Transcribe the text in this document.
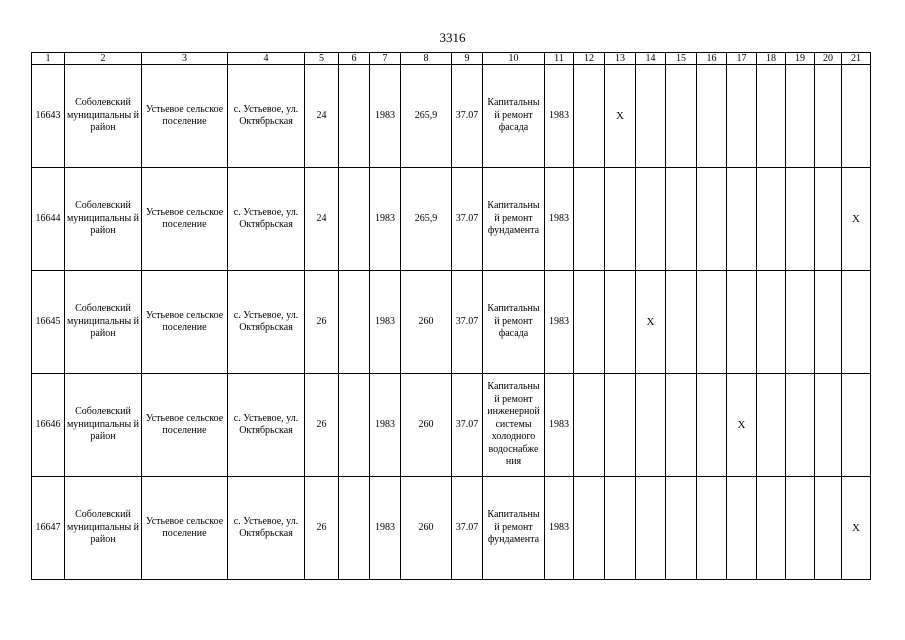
3316
1	2	3	4	5	6	7	8	9	10	11	12	13	14	15	16	17	18	19	20	21
16643	Соболевский муниципальны й район	Устьевое сельское поселение	с. Устьевое, ул. Октябрьская	24		1983	265,9	37.07	Капитальны й ремонт фасада	1983		Х								
16644	Соболевский муниципальны й район	Устьевое сельское поселение	с. Устьевое, ул. Октябрьская	24		1983	265,9	37.07	Капитальны й ремонт фундамента	1983										Х
16645	Соболевский муниципальны й район	Устьевое сельское поселение	с. Устьевое, ул. Октябрьская	26		1983	260	37.07	Капитальны й ремонт фасада	1983			Х							
16646	Соболевский муниципальны й район	Устьевое сельское поселение	с. Устьевое, ул. Октябрьская	26		1983	260	37.07	Капитальны й ремонт инженерной системы холодного водоснабже ния	1983						Х				
16647	Соболевский муниципальны й район	Устьевое сельское поселение	с. Устьевое, ул. Октябрьская	26		1983	260	37.07	Капитальны й ремонт фундамента	1983										Х
